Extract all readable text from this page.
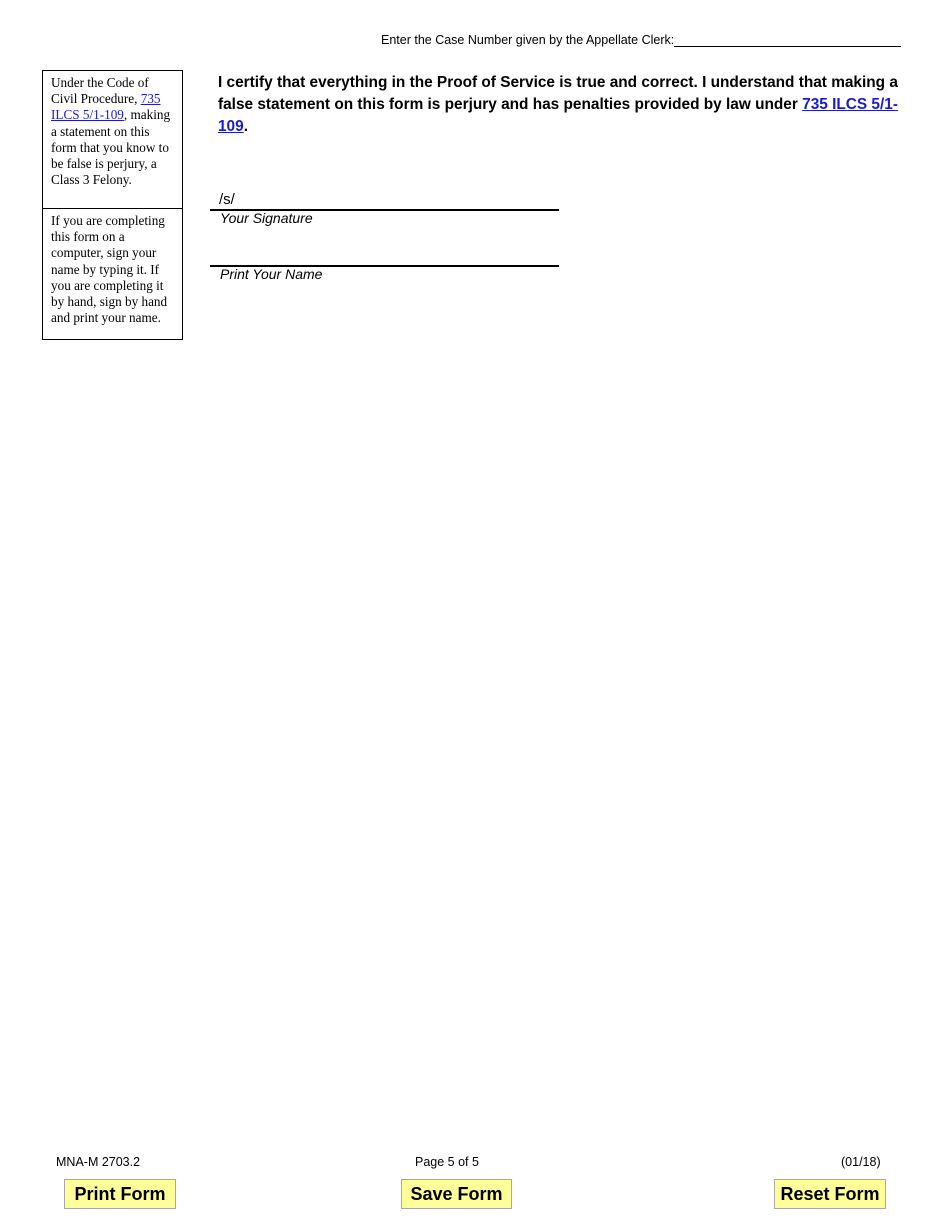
Enter the Case Number given by the Appellate Clerk:
Under the Code of Civil Procedure, 735 ILCS 5/1-109, making a statement on this form that you know to be false is perjury, a Class 3 Felony.
If you are completing this form on a computer, sign your name by typing it. If you are completing it by hand, sign by hand and print your name.
I certify that everything in the Proof of Service is true and correct. I understand that making a false statement on this form is perjury and has penalties provided by law under 735 ILCS 5/1-109.
/s/
Your Signature
Print Your Name
MNA-M 2703.2	Page 5 of 5	(01/18)
Print Form	Save Form	Reset Form
